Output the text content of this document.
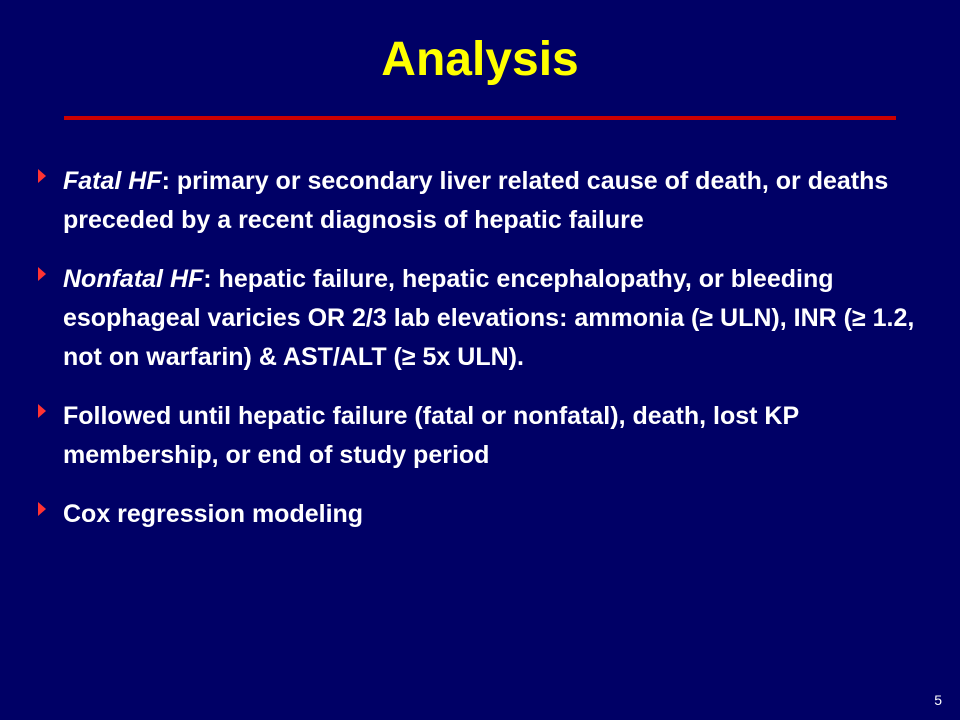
Analysis
Fatal HF: primary or secondary liver related cause of death, or deaths preceded by a recent diagnosis of hepatic failure
Nonfatal HF: hepatic failure, hepatic encephalopathy, or bleeding esophageal varicies OR 2/3 lab elevations: ammonia (≥ ULN), INR (≥ 1.2, not on warfarin) & AST/ALT (≥ 5x ULN).
Followed until hepatic failure (fatal or nonfatal), death, lost KP membership, or end of study period
Cox regression modeling
5
